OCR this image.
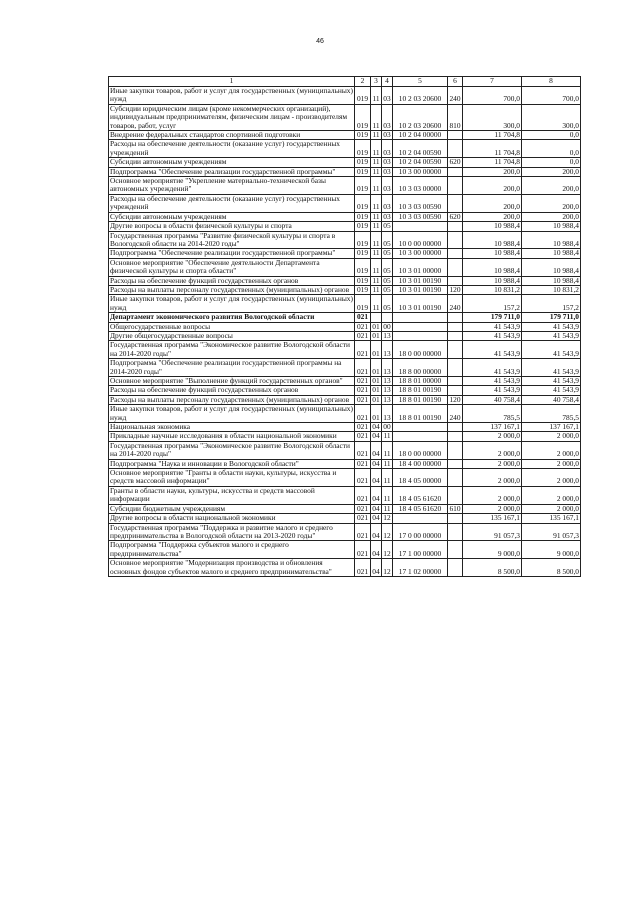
46
1	2	3	4	5	6	7	8
Иные закупки товаров, работ и услуг для государственных (муниципальных) нужд	019	11	03	10 2 03 20600	240	700,0	700,0
Субсидии юридическим лицам (кроме некоммерческих организаций), индивидуальным предпринимателям, физическим лицам - производителям товаров, работ, услуг	019	11	03	10 2 03 20600	810	300,0	300,0
Внедрение федеральных стандартов спортивной подготовки	019	11	03	10 2 04 00000		11 704,8	0,0
Расходы на обеспечение деятельности (оказание услуг) государственных учреждений	019	11	03	10 2 04 00590		11 704,8	0,0
Субсидии автономным учреждениям	019	11	03	10 2 04 00590	620	11 704,8	0,0
Подпрограмма "Обеспечение реализации государственной программы"	019	11	03	10 3 00 00000		200,0	200,0
Основное мероприятие "Укрепление материально-технической базы автономных учреждений"	019	11	03	10 3 03 00000		200,0	200,0
Расходы на обеспечение деятельности (оказание услуг) государственных учреждений	019	11	03	10 3 03 00590		200,0	200,0
Субсидии автономным учреждениям	019	11	03	10 3 03 00590	620	200,0	200,0
Другие вопросы в области физической культуры и спорта	019	11	05			10 988,4	10 988,4
Государственная программа "Развитие физической культуры и спорта в Вологодской области на 2014-2020 годы"	019	11	05	10 0 00 00000		10 988,4	10 988,4
Подпрограмма "Обеспечение реализации государственной программы"	019	11	05	10 3 00 00000		10 988,4	10 988,4
Основное мероприятие "Обеспечение деятельности Департамента физической культуры и спорта области"	019	11	05	10 3 01 00000		10 988,4	10 988,4
Расходы на обеспечение функций государственных органов	019	11	05	10 3 01 00190		10 988,4	10 988,4
Расходы на выплаты персоналу государственных (муниципальных) органов	019	11	05	10 3 01 00190	120	10 831,2	10 831,2
Иные закупки товаров, работ и услуг для государственных (муниципальных) нужд	019	11	05	10 3 01 00190	240	157,2	157,2
Департамент экономического развития Вологодской области	021					179 711,0	179 711,0
Общегосударственные вопросы	021	01	00			41 543,9	41 543,9
Другие общегосударственные вопросы	021	01	13			41 543,9	41 543,9
Государственная программа "Экономическое развитие Вологодской области на 2014-2020 годы"	021	01	13	18 0 00 00000		41 543,9	41 543,9
Подпрограмма "Обеспечение реализации государственной программы на 2014-2020 годы"	021	01	13	18 8 00 00000		41 543,9	41 543,9
Основное мероприятие "Выполнение функций государственных органов"	021	01	13	18 8 01 00000		41 543,9	41 543,9
Расходы на обеспечение функций государственных органов	021	01	13	18 8 01 00190		41 543,9	41 543,9
Расходы на выплаты персоналу государственных (муниципальных) органов	021	01	13	18 8 01 00190	120	40 758,4	40 758,4
Иные закупки товаров, работ и услуг для государственных (муниципальных) нужд	021	01	13	18 8 01 00190	240	785,5	785,5
Национальная экономика	021	04	00			137 167,1	137 167,1
Прикладные научные исследования в области национальной экономики	021	04	11			2 000,0	2 000,0
Государственная программа "Экономическое развитие Вологодской области на 2014-2020 годы"	021	04	11	18 0 00 00000		2 000,0	2 000,0
Подпрограмма "Наука и инновации в Вологодской области"	021	04	11	18 4 00 00000		2 000,0	2 000,0
Основное мероприятие "Гранты в области науки, культуры, искусства и средств массовой информации"	021	04	11	18 4 05 00000		2 000,0	2 000,0
Гранты в области науки, культуры, искусства и средств массовой информации	021	04	11	18 4 05 61620		2 000,0	2 000,0
Субсидии бюджетным учреждениям	021	04	11	18 4 05 61620	610	2 000,0	2 000,0
Другие вопросы в области национальной экономики	021	04	12			135 167,1	135 167,1
Государственная программа "Поддержка и развитие малого и среднего предпринимательства в Вологодской области на 2013-2020 годы"	021	04	12	17 0 00 00000		91 057,3	91 057,3
Подпрограмма "Поддержка субъектов малого и среднего предпринимательства"	021	04	12	17 1 00 00000		9 000,0	9 000,0
Основное мероприятие "Модернизация производства и обновления основных фондов субъектов малого и среднего предпринимательства"	021	04	12	17 1 02 00000		8 500,0	8 500,0
